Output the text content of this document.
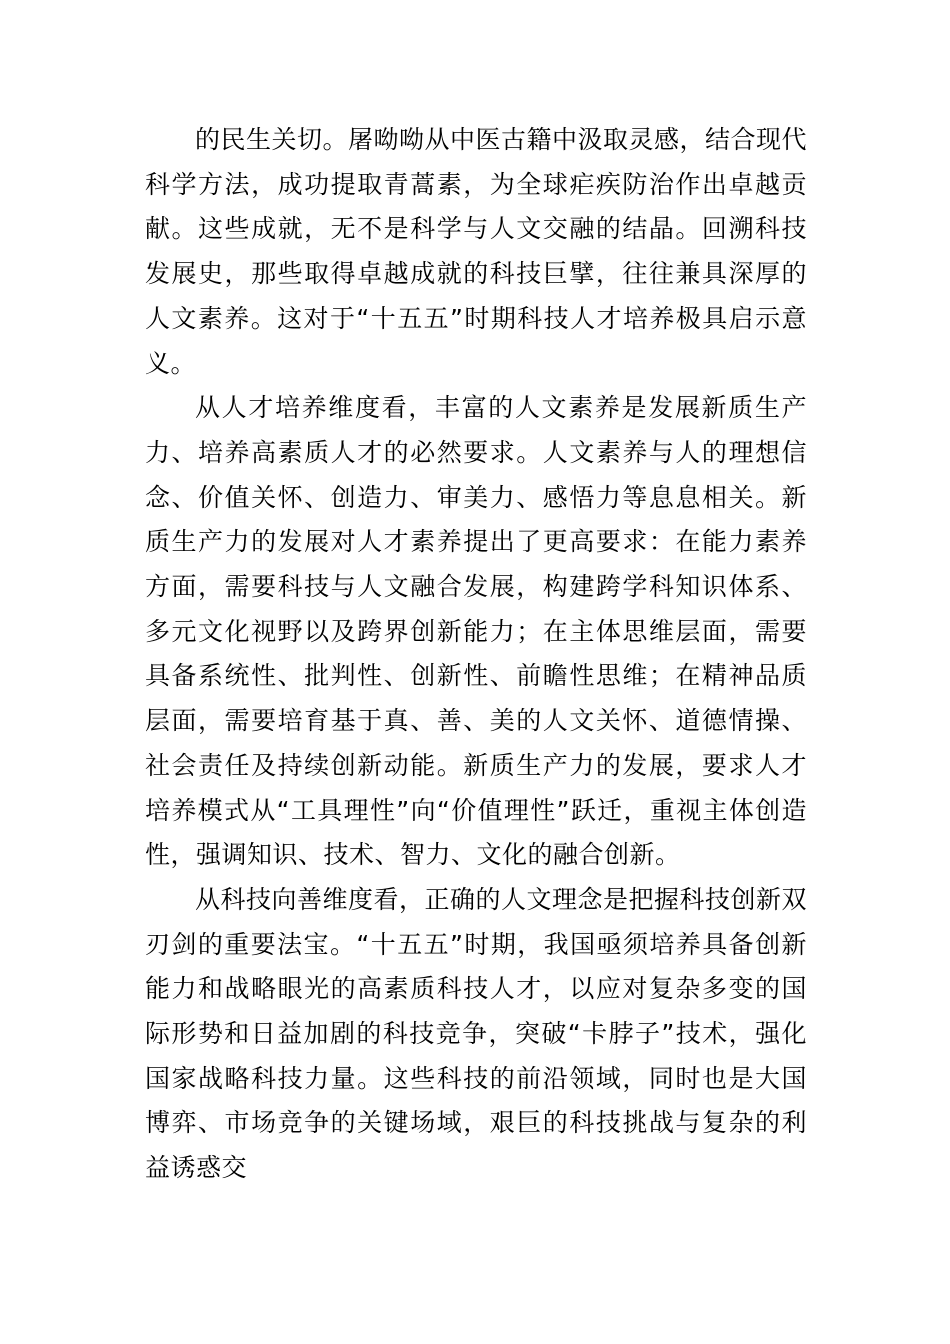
的民生关切。屠呦呦从中医古籍中汲取灵感，结合现代科学方法，成功提取青蒿素，为全球疟疾防治作出卓越贡献。这些成就，无不是科学与人文交融的结晶。回溯科技发展史，那些取得卓越成就的科技巨擘，往往兼具深厚的人文素养。这对于“十五五”时期科技人才培养极具启示意义。

从人才培养维度看，丰富的人文素养是发展新质生产力、培养高素质人才的必然要求。人文素养与人的理想信念、价值关怀、创造力、审美力、感悟力等息息相关。新质生产力的发展对人才素养提出了更高要求：在能力素养方面，需要科技与人文融合发展，构建跨学科知识体系、多元文化视野以及跨界创新能力；在主体思维层面，需要具备系统性、批判性、创新性、前瞻性思维；在精神品质层面，需要培育基于真、善、美的人文关怀、道德情操、社会责任及持续创新动能。新质生产力的发展，要求人才培养模式从“工具理性”向“价值理性”跃迁，重视主体创造性，强调知识、技术、智力、文化的融合创新。

从科技向善维度看，正确的人文理念是把握科技创新双刃剑的重要法宝。“十五五”时期，我国亟须培养具备创新能力和战略眼光的高素质科技人才，以应对复杂多变的国际形势和日益加剧的科技竞争，突破“卡脖子”技术，强化国家战略科技力量。这些科技的前沿领域，同时也是大国博弈、市场竞争的关键场域，艰巨的科技挑战与复杂的利益诱惑交
